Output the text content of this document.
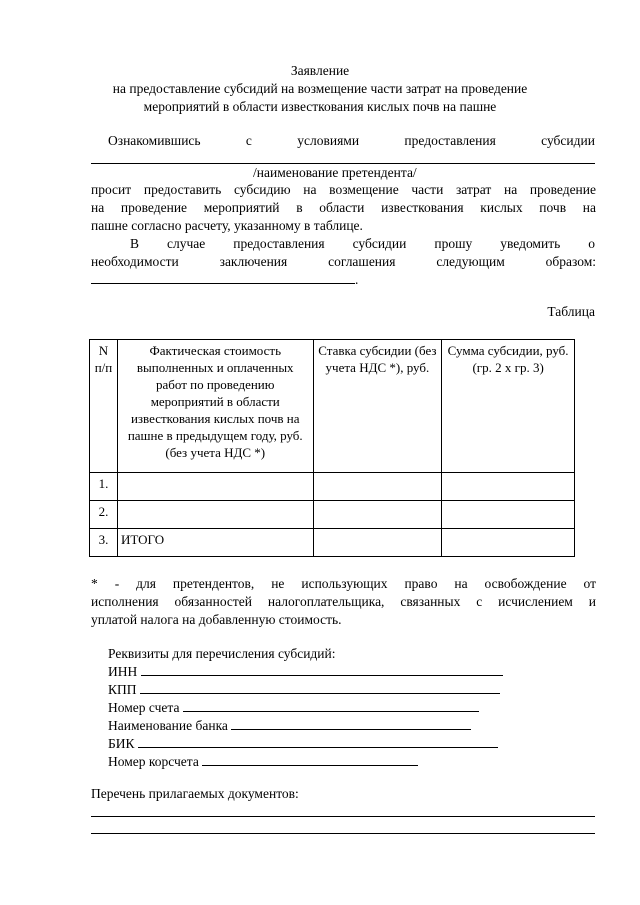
Заявление
на предоставление субсидий на возмещение части затрат на проведение
мероприятий в области известкования кислых почв на пашне
Ознакомившись	с	условиями	предоставления	субсидии
/наименование претендента/
просит предоставить субсидию на возмещение части затрат на проведение
на проведение мероприятий в области известкования кислых почв на
пашне согласно расчету, указанному в таблице.
В случае предоставления субсидии прошу уведомить о
необходимости заключения соглашения следующим образом:
.
Таблица
N п/п	Фактическая стоимость выполненных и оплаченных работ по проведению мероприятий в области известкования кислых почв на пашне в предыдущем году, руб. (без учета НДС *)	Ставка субсидии (без учета НДС *), руб.	Сумма субсидии, руб. (гр. 2 x гр. 3)
1.			
2.			
3.	ИТОГО		
* - для претендентов, не использующих право на освобождение от
исполнения обязанностей налогоплательщика, связанных с исчислением и
уплатой налога на добавленную стоимость.
Реквизиты для перечисления субсидий:
ИНН
КПП
Номер счета
Наименование банка
БИК
Номер корсчета
Перечень прилагаемых документов:
